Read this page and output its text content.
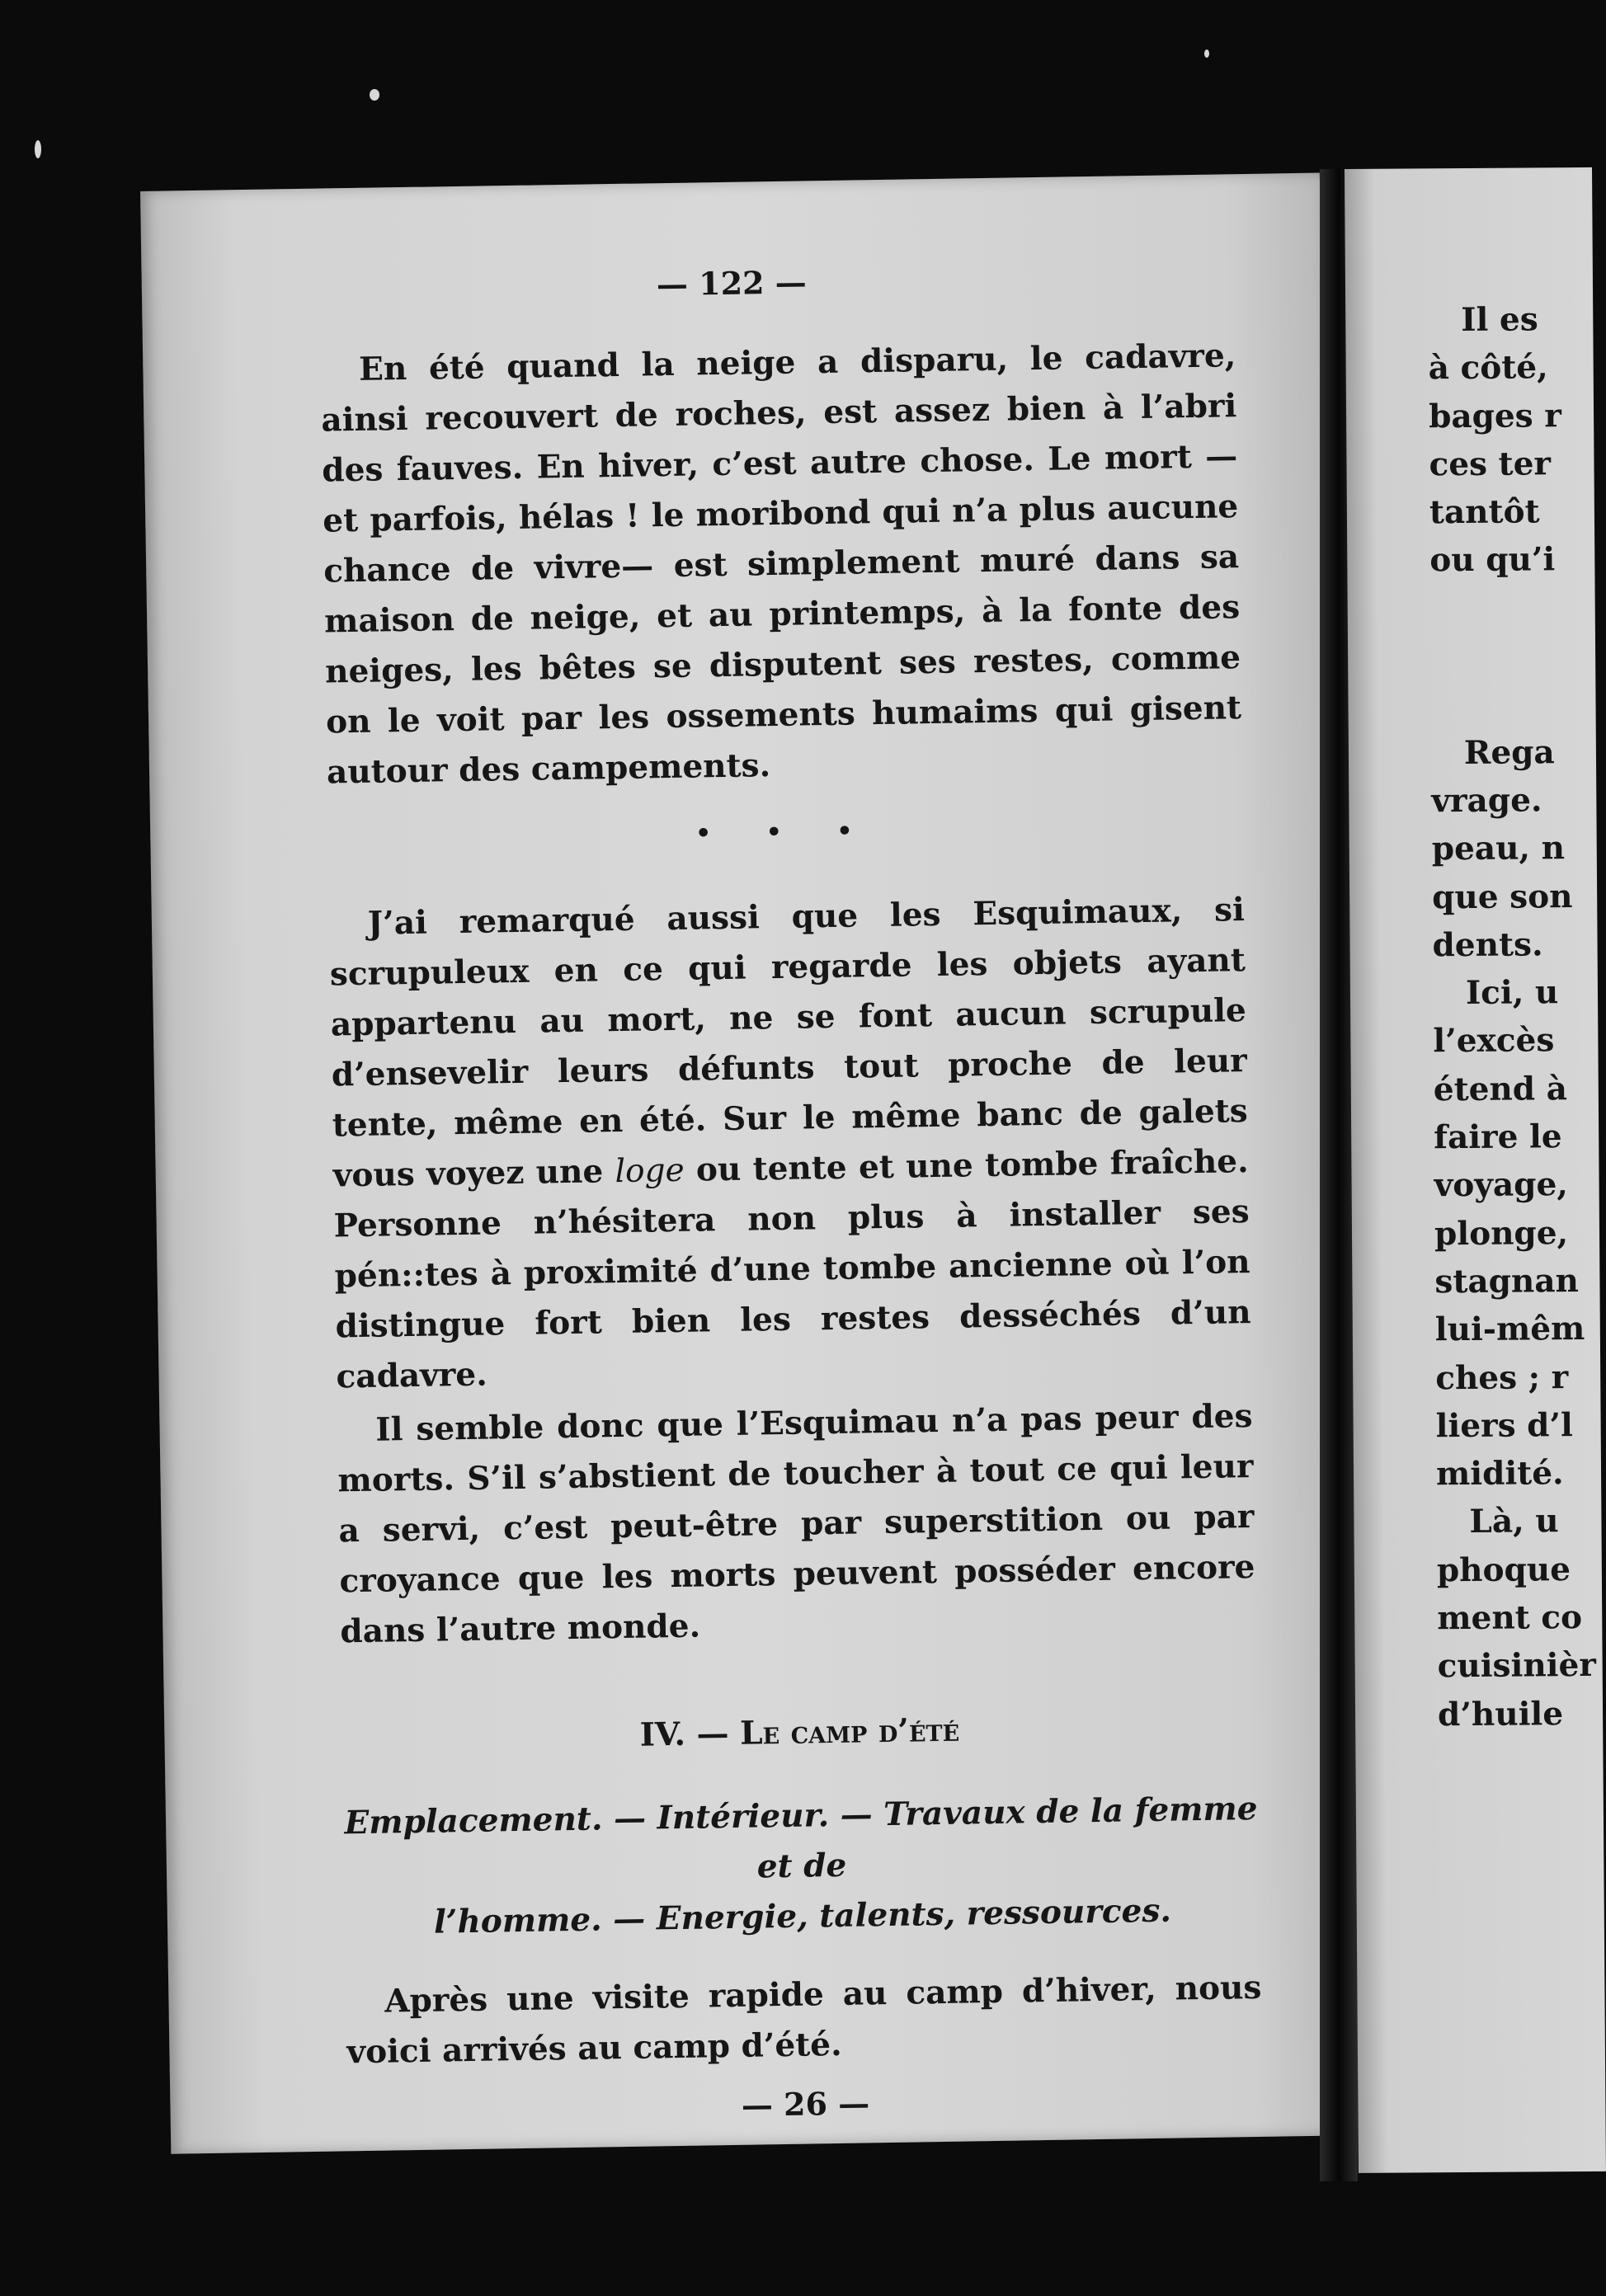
— 122 —

En été quand la neige a disparu, le cadavre, ainsi recouvert de roches, est assez bien à l’abri des fauves. En hiver, c’est autre chose. Le mort — et parfois, hélas ! le moribond qui n’a plus aucune chance de vivre— est simplement muré dans sa maison de neige, et au printemps, à la fonte des neiges, les bêtes se disputent ses restes, comme on le voit par les ossements humaims qui gisent autour des campements.

• • •

J’ai remarqué aussi que les Esquimaux, si scrupuleux en ce qui regarde les objets ayant appartenu au mort, ne se font aucun scrupule d’ensevelir leurs défunts tout proche de leur tente, même en été. Sur le même banc de galets vous voyez une loge ou tente et une tombe fraîche. Personne n’hésitera non plus à installer ses pén::tes à proximité d’une tombe ancienne où l’on distingue fort bien les restes desséchés d’un cadavre.

Il semble donc que l’Esquimau n’a pas peur des morts. S’il s’abstient de toucher à tout ce qui leur a servi, c’est peut-être par superstition ou par croyance que les morts peuvent posséder encore dans l’autre monde.

IV. — Le camp d’été
Emplacement. — Intérieur. — Travaux de la femme et de
l’homme. — Energie, talents, ressources.

Après une visite rapide au camp d’hiver, nous voici arrivés au camp d’été.

— 26 —
Il es
à côté,
bages r
ces ter
tantôt
ou qu’i

Rega
vrage.
peau, n
que son
dents.
Ici, u
l’excès
étend à
faire le
voyage,
plonge,
stagnan
lui-mêm
ches ; r
liers d’l
midité.
Là, u
phoque
ment co
cuisinièr
d’huile
